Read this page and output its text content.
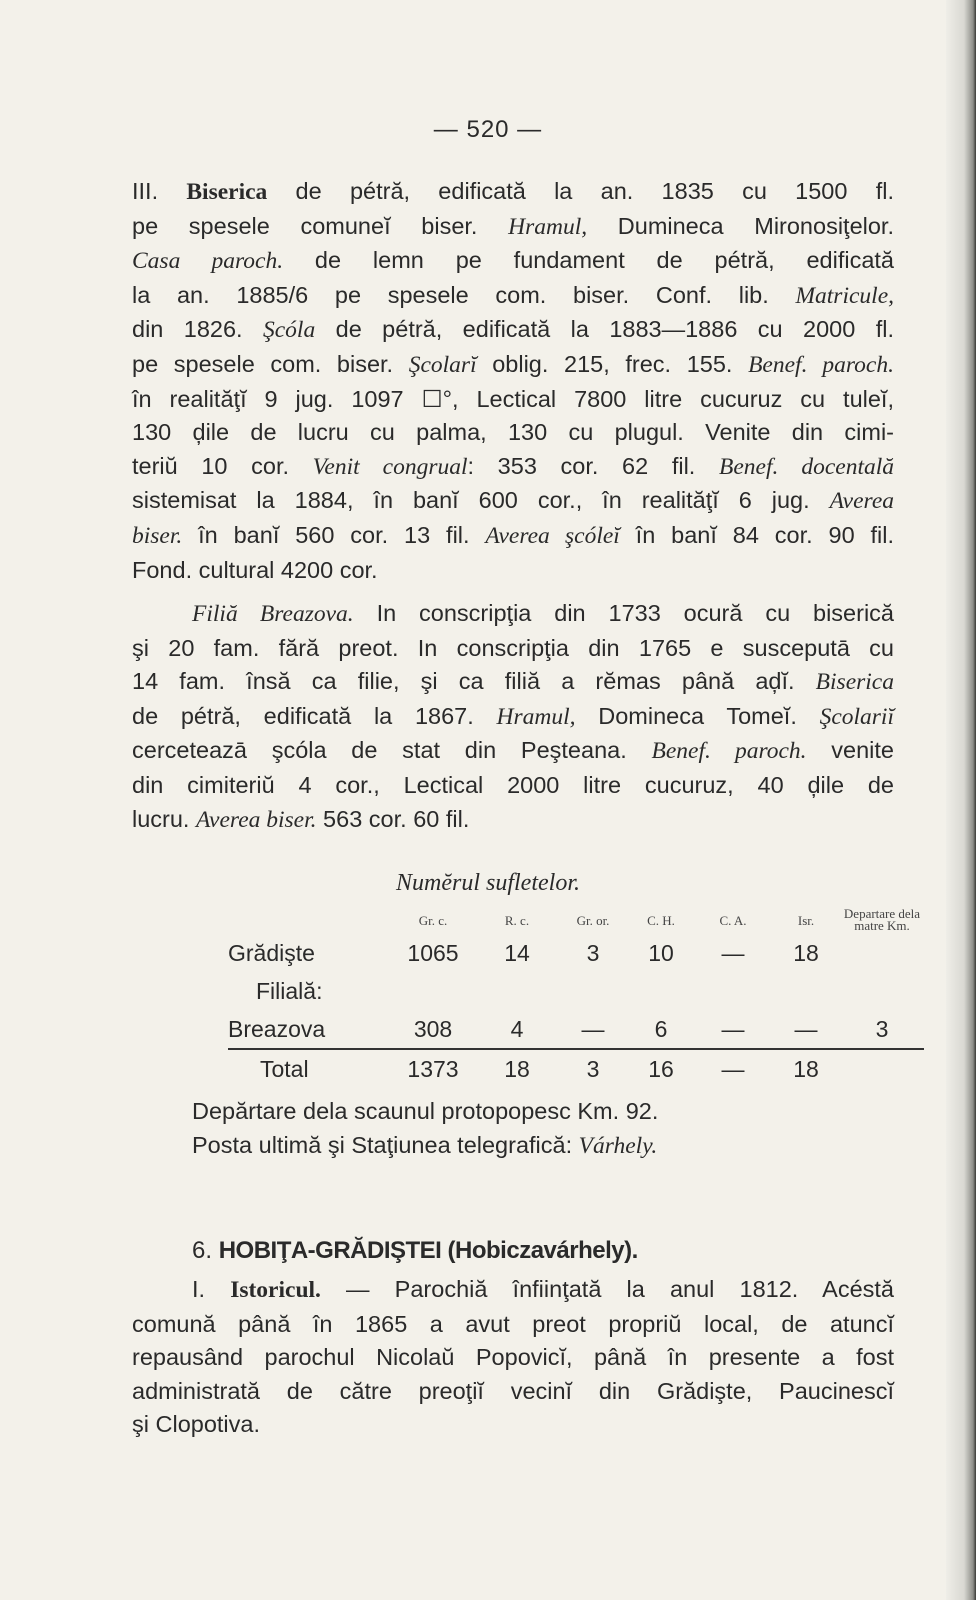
— 520 —
III. Biserica de pétră, edificată la an. 1835 cu 1500 fl.
pe spesele comuneĭ biser. Hramul, Dumineca Mironosiţelor.
Casa paroch. de lemn pe fundament de pétră, edificată
la an. 1885/6 pe spesele com. biser. Conf. lib. Matricule,
din 1826. Şcóla de pétră, edificată la 1883—1886 cu 2000 fl.
pe spesele com. biser. Şcolarĭ oblig. 215, frec. 155. Benef. paroch.
în realităţĭ 9 jug. 1097 ☐°, Lectical 7800 litre cucuruz cu tuleĭ,
130 ḑile de lucru cu palma, 130 cu plugul. Venite din cimi-
teriŭ 10 cor. Venit congrual: 353 cor. 62 fil. Benef. docentală
sistemisat la 1884, în banĭ 600 cor., în realităţĭ 6 jug. Averea
biser. în banĭ 560 cor. 13 fil. Averea şcóleĭ în banĭ 84 cor. 90 fil.
Fond. cultural 4200 cor.
Filiă Breazova. In conscripţia din 1733 ocură cu biserică
şi 20 fam. fără preot. In conscripţia din 1765 e susceputā cu
14 fam. însă ca filie, şi ca filiă a rĕmas până aḑĭ. Biserica
de pétră, edificată la 1867. Hramul, Domineca Tomeĭ. Şcolariĭ
cerceteazā şcóla de stat din Peşteana. Benef. paroch. venite
din cimiteriŭ 4 cor., Lectical 2000 litre cucuruz, 40 ḑile de
lucru. Averea biser. 563 cor. 60 fil.
Numĕrul sufletelor.
	Gr. c.	R. c.	Gr. or.	C. H.	C. A.	Isr.	Departare dela matre Km.
Grădişte	1065	14	3	10	—	18	
Filială:							
Breazova	308	4	—	6	—	—	3
Total	1373	18	3	16	—	18	
Depărtare dela scaunul protopopesc Km. 92.
Posta ultimă şi Staţiunea telegrafică: Várhely.
6. HOBIŢA-GRĂDIŞTEI (Hobiczavárhely).
I. Istoricul. — Parochiă înfiinţată la anul 1812. Acéstă
comună până în 1865 a avut preot propriŭ local, de atuncĭ
repausând parochul Nicolaŭ Popovicĭ, până în presente a fost
administrată de către preoţiĭ vecinĭ din Grădişte, Paucinescĭ
şi Clopotiva.
